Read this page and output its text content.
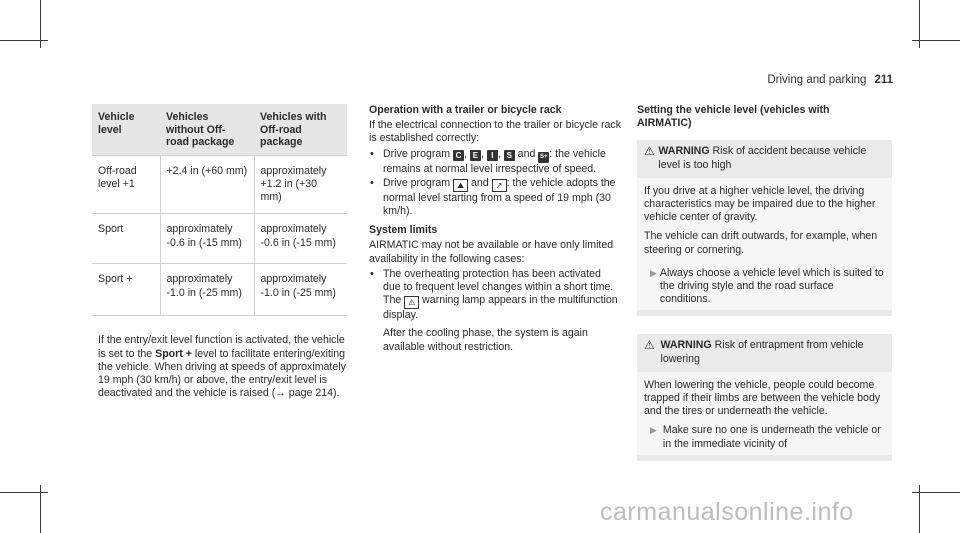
Driving and parking 211
Vehicle level	Vehicles without Off-road package	Vehicles with Off-road package
Off-road level +1	+2.4 in (+60 mm)	approximately +1.2 in (+30 mm)
Sport	approximately -0.6 in (-15 mm)	approximately -0.6 in (-15 mm)
Sport +	approximately -1.0 in (-25 mm)	approximately -1.0 in (-25 mm)

If the entry/exit level function is activated, the vehicle is set to the Sport + level to facilitate entering/exiting the vehicle. When driving at speeds of approximately 19 mph (30 km/h) or above, the entry/exit level is deactivated and the vehicle is raised (→ page 214).

Operation with a trailer or bicycle rack
If the electrical connection to the trailer or bicycle rack is established correctly:
• Drive program C , E , I , S and S+ : the vehicle remains at normal level irrespective of speed.
• Drive program ⛰ and ↗ : the vehicle adopts the normal level starting from a speed of 19 mph (30 km/h).
System limits
AIRMATIC may not be available or have only limited availability in the following cases:
• The overheating protection has been activated due to frequent level changes within a short time. The ⚠ warning lamp appears in the multifunction display.
After the cooling phase, the system is again available without restriction.
Setting the vehicle level (vehicles with AIRMATIC)
⚠ WARNING Risk of accident because vehicle level is too high

If you drive at a higher vehicle level, the driving characteristics may be impaired due to the higher vehicle center of gravity.

The vehicle can drift outwards, for example, when steering or cornering.

▶ Always choose a vehicle level which is suited to the driving style and the road surface conditions.
⚠ WARNING Risk of entrapment from vehicle lowering

When lowering the vehicle, people could become trapped if their limbs are between the vehicle body and the tires or underneath the vehicle.

▶ Make sure no one is underneath the vehicle or in the immediate vicinity of
carmanualsonline.info
